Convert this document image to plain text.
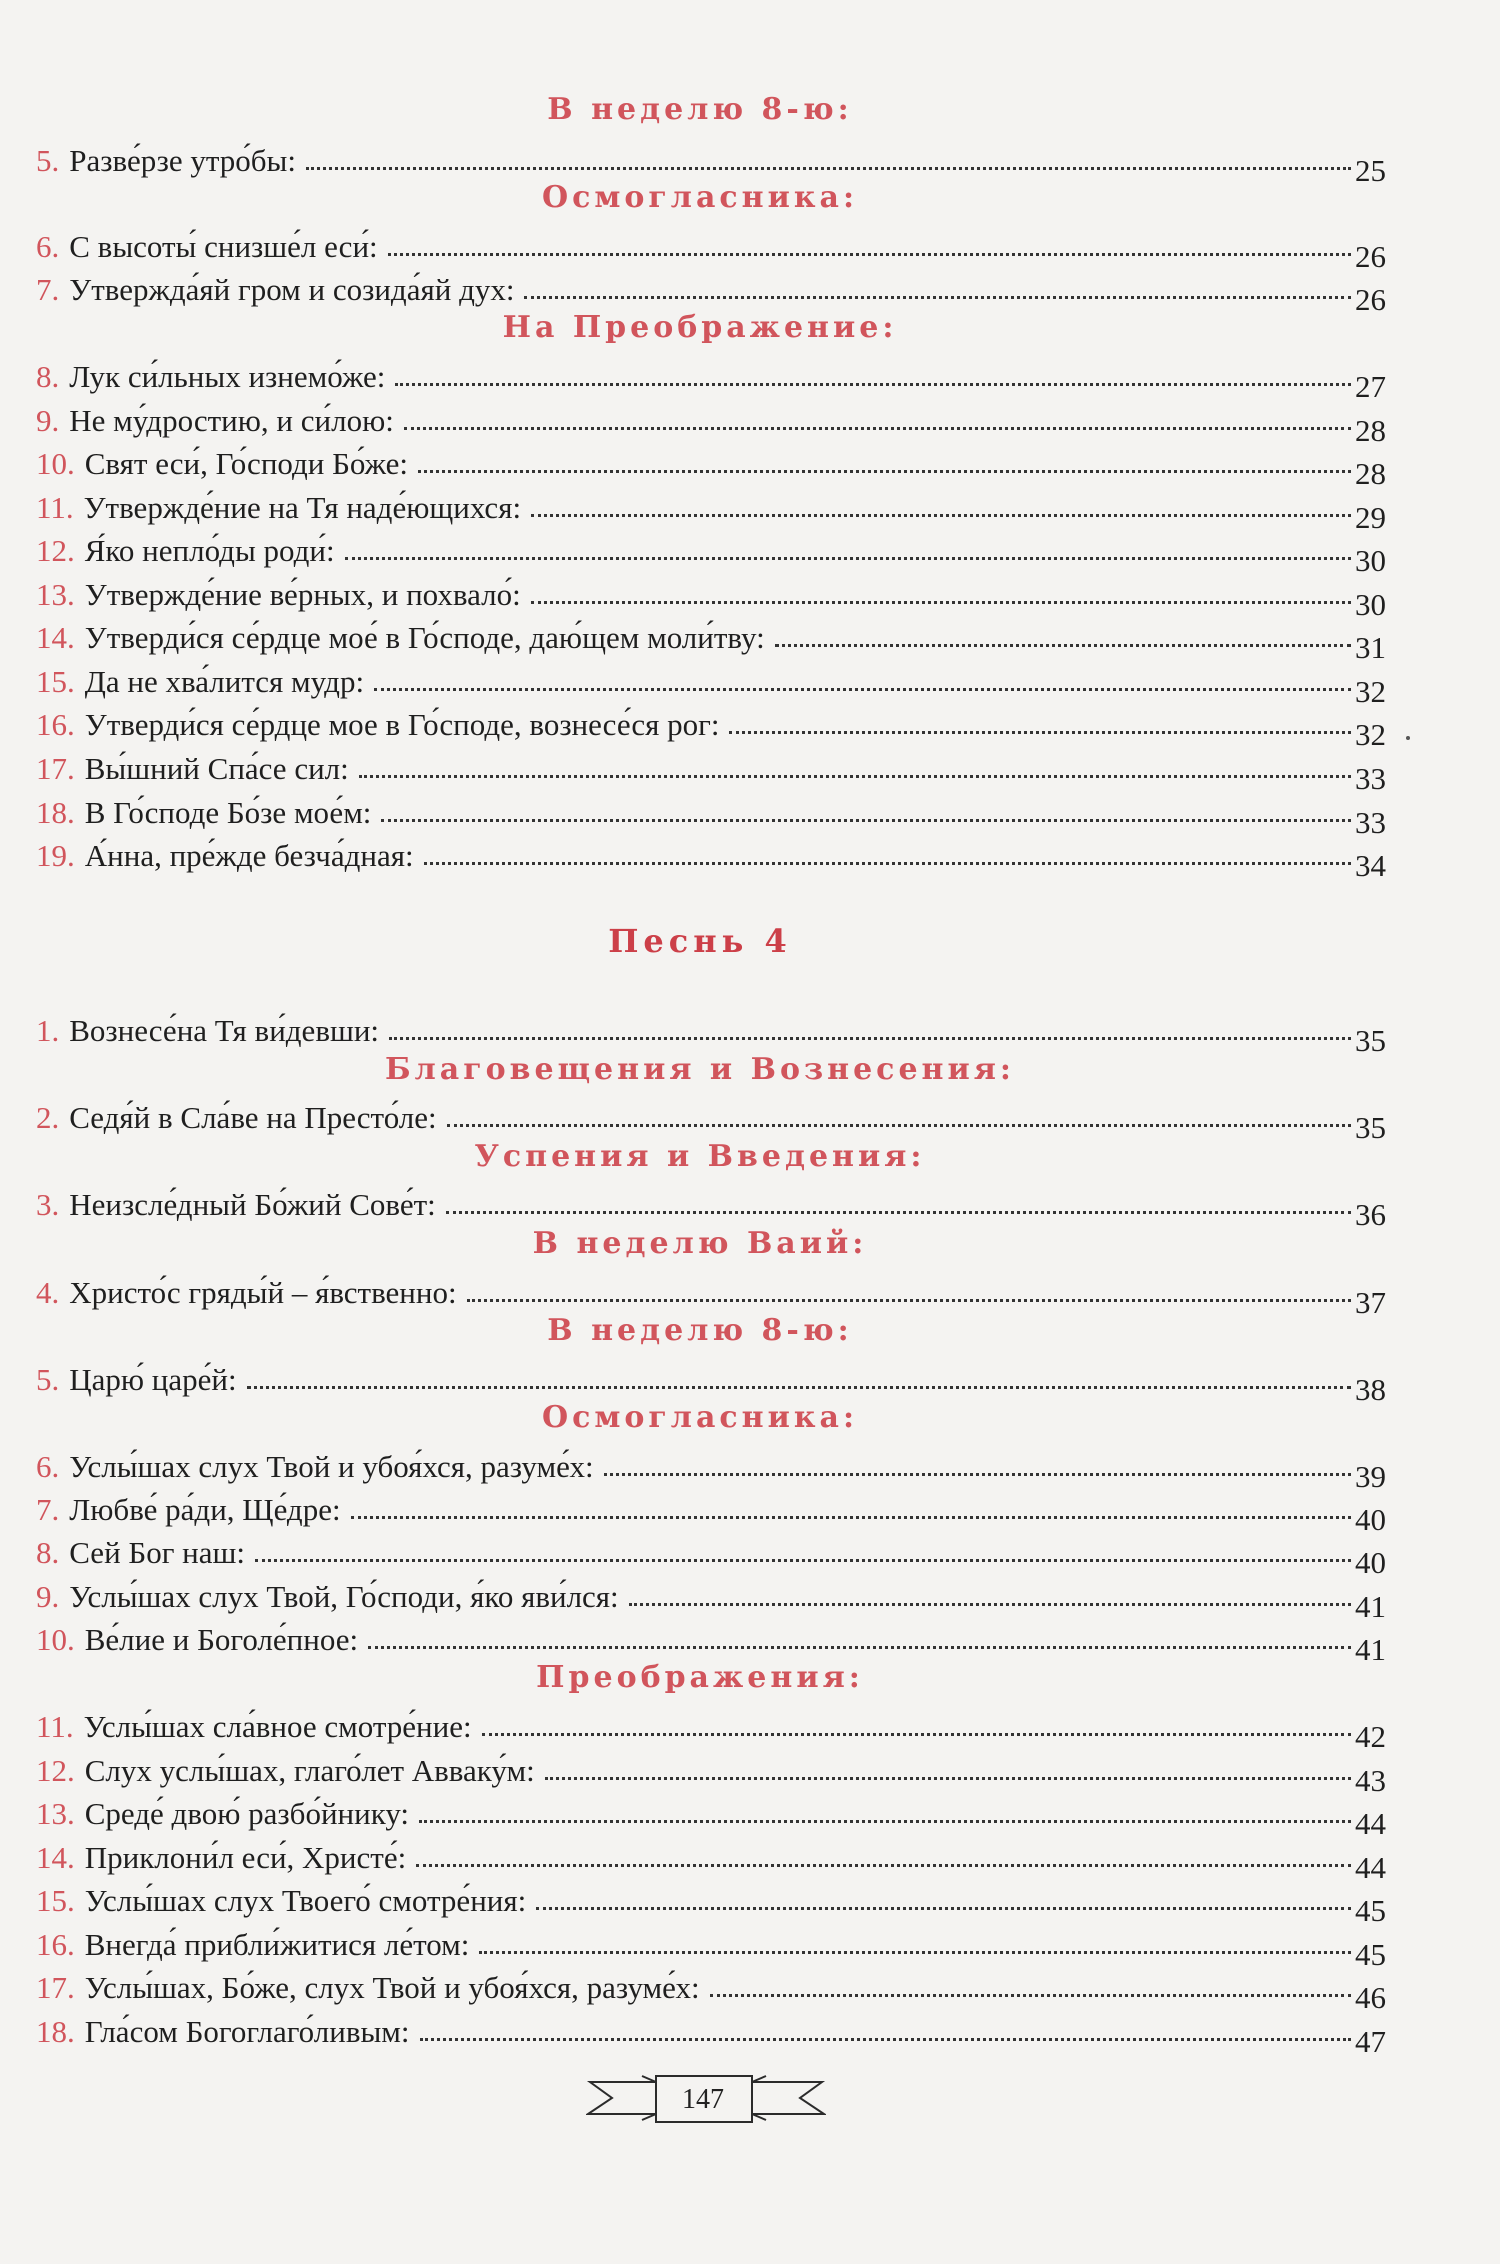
В неделю 8-ю:
5. Разве́рзе утро́бы:	25
Осмогласника:
6. С высоты́ снизше́л еси́:	26
7. Утвержда́яй гром и созида́яй дух:	26
На Преображение:
8. Лук си́льных изнемо́же:	27
9. Не му́дростию, и си́лою:	28
10. Свят еси́, Го́споди Бо́же:	28
11. Утвержде́ние на Тя наде́ющихся:	29
12. Я́ко непло́ды роди́:	30
13. Утвержде́ние ве́рных, и похвало́:	30
14. Утверди́ся се́рдце мое́ в Го́споде, даю́щем моли́тву:	31
15. Да не хва́лится мудр:	32
16. Утверди́ся се́рдце мое в Го́споде, вознесе́ся рог:	32
17. Вы́шний Спа́се сил:	33
18. В Го́споде Бо́зе мое́м:	33
19. А́нна, пре́жде безча́дная:	34
Песнь 4
1. Вознесе́на Тя ви́девши:	35
Благовещения и Вознесения:
2. Седя́й в Сла́ве на Престо́ле:	35
Успения и Введения:
3. Неизсле́дный Бо́жий Сове́т:	36
В неделю Ваий:
4. Христо́с гряды́й – я́вственно:	37
В неделю 8-ю:
5. Царю́ царе́й:	38
Осмогласника:
6. Услы́шах слух Твой и убоя́хся, разуме́х:	39
7. Любве́ ра́ди, Ще́дре:	40
8. Сей Бог наш:	40
9. Услы́шах слух Твой, Го́споди, я́ко яви́лся:	41
10. Ве́лие и Боголе́пное:	41
Преображения:
11. Услы́шах сла́вное смотре́ние:	42
12. Слух услы́шах, глаго́лет Авваку́м:	43
13. Среде́ двою́ разбо́йнику:	44
14. Приклони́л еси́, Христе́:	44
15. Услы́шах слух Твоего́ смотре́ния:	45
16. Внегда́ прибли́житися ле́том:	45
17. Услы́шах, Бо́же, слух Твой и убоя́хся, разуме́х:	46
18. Гла́сом Богоглаго́ливым:	47
147
